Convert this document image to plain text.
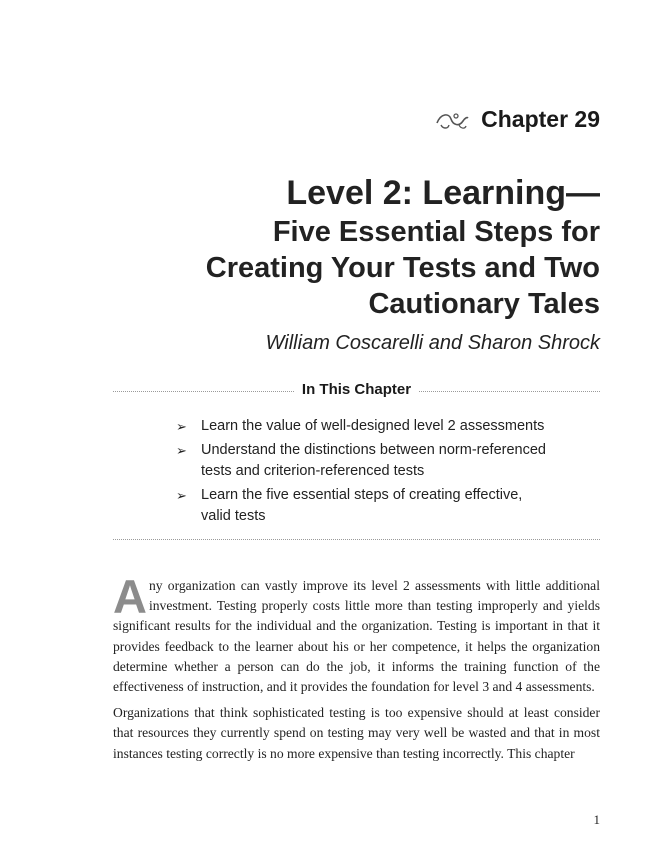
Chapter 29
Level 2: Learning—
Five Essential Steps for
Creating Your Tests and Two
Cautionary Tales
William Coscarelli and Sharon Shrock
In This Chapter
➢ Learn the value of well-designed level 2 assessments
➢ Understand the distinctions between norm-referenced
tests and criterion-referenced tests
➢ Learn the five essential steps of creating effective,
valid tests

Any organization can vastly improve its level 2 assessments with little additional investment. Testing properly costs little more than testing improperly and yields significant results for the individual and the organization. Testing is important in that it provides feedback to the learner about his or her competence, it helps the organization determine whether a person can do the job, it informs the training function of the effectiveness of instruction, and it provides the foundation for level 3 and 4 assessments.

Organizations that think sophisticated testing is too expensive should at least consider that resources they currently spend on testing may very well be wasted and that in most instances testing correctly is no more expensive than testing incorrectly. This chapter

1
